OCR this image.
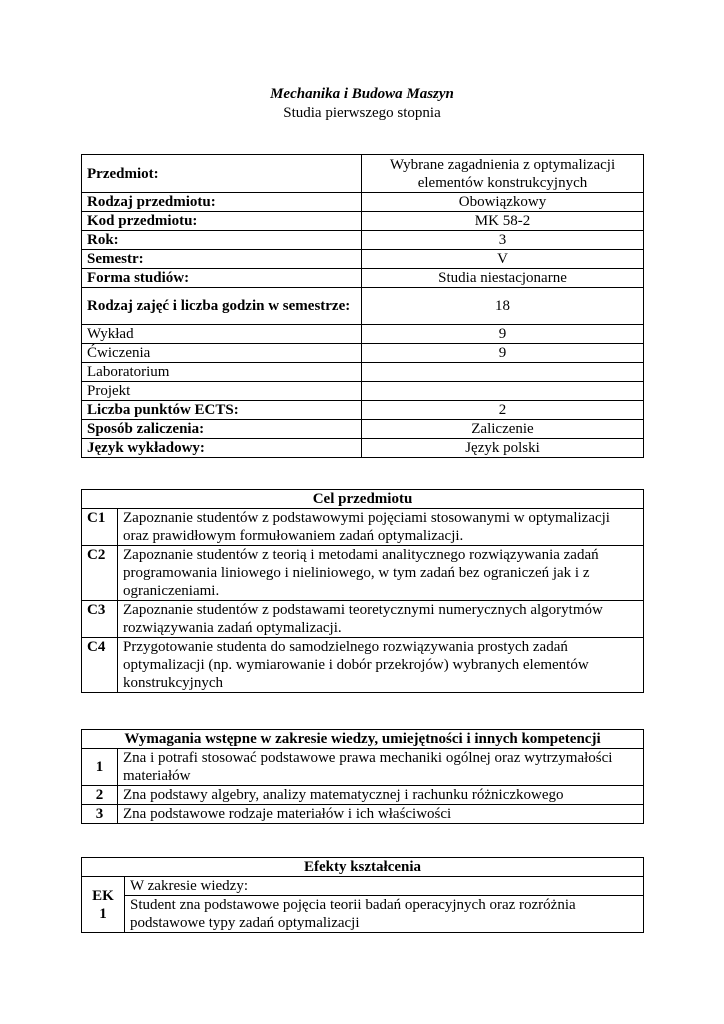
Mechanika i Budowa Maszyn
Studia pierwszego stopnia
Przedmiot:	Wybrane zagadnienia z optymalizacji elementów konstrukcyjnych
Rodzaj przedmiotu:	Obowiązkowy
Kod przedmiotu:	MK 58-2
Rok:	3
Semestr:	V
Forma studiów:	Studia niestacjonarne
Rodzaj zajęć i liczba godzin w semestrze:	18
Wykład	9
Ćwiczenia	9
Laboratorium	
Projekt	
Liczba punktów ECTS:	2
Sposób zaliczenia:	Zaliczenie
Język wykładowy:	Język polski
Cel przedmiotu	
C1	Zapoznanie studentów z podstawowymi pojęciami stosowanymi w optymalizacji oraz prawidłowym formułowaniem zadań optymalizacji.
C2	Zapoznanie studentów z teorią i metodami analitycznego rozwiązywania zadań programowania liniowego i nieliniowego, w tym zadań bez ograniczeń jak i z ograniczeniami.
C3	Zapoznanie studentów z podstawami teoretycznymi numerycznych algorytmów rozwiązywania zadań optymalizacji.
C4	Przygotowanie studenta do samodzielnego rozwiązywania prostych zadań optymalizacji (np. wymiarowanie i dobór przekrojów) wybranych elementów konstrukcyjnych
Wymagania wstępne w zakresie wiedzy, umiejętności i innych kompetencji	
1	Zna i potrafi stosować podstawowe prawa mechaniki ogólnej oraz wytrzymałości materiałów
2	Zna podstawy algebry, analizy matematycznej i rachunku różniczkowego
3	Zna podstawowe rodzaje materiałów i ich właściwości
Efekty kształcenia
EK 1	W zakresie wiedzy:
Student zna podstawowe pojęcia teorii badań operacyjnych oraz rozróżnia podstawowe typy zadań optymalizacji
